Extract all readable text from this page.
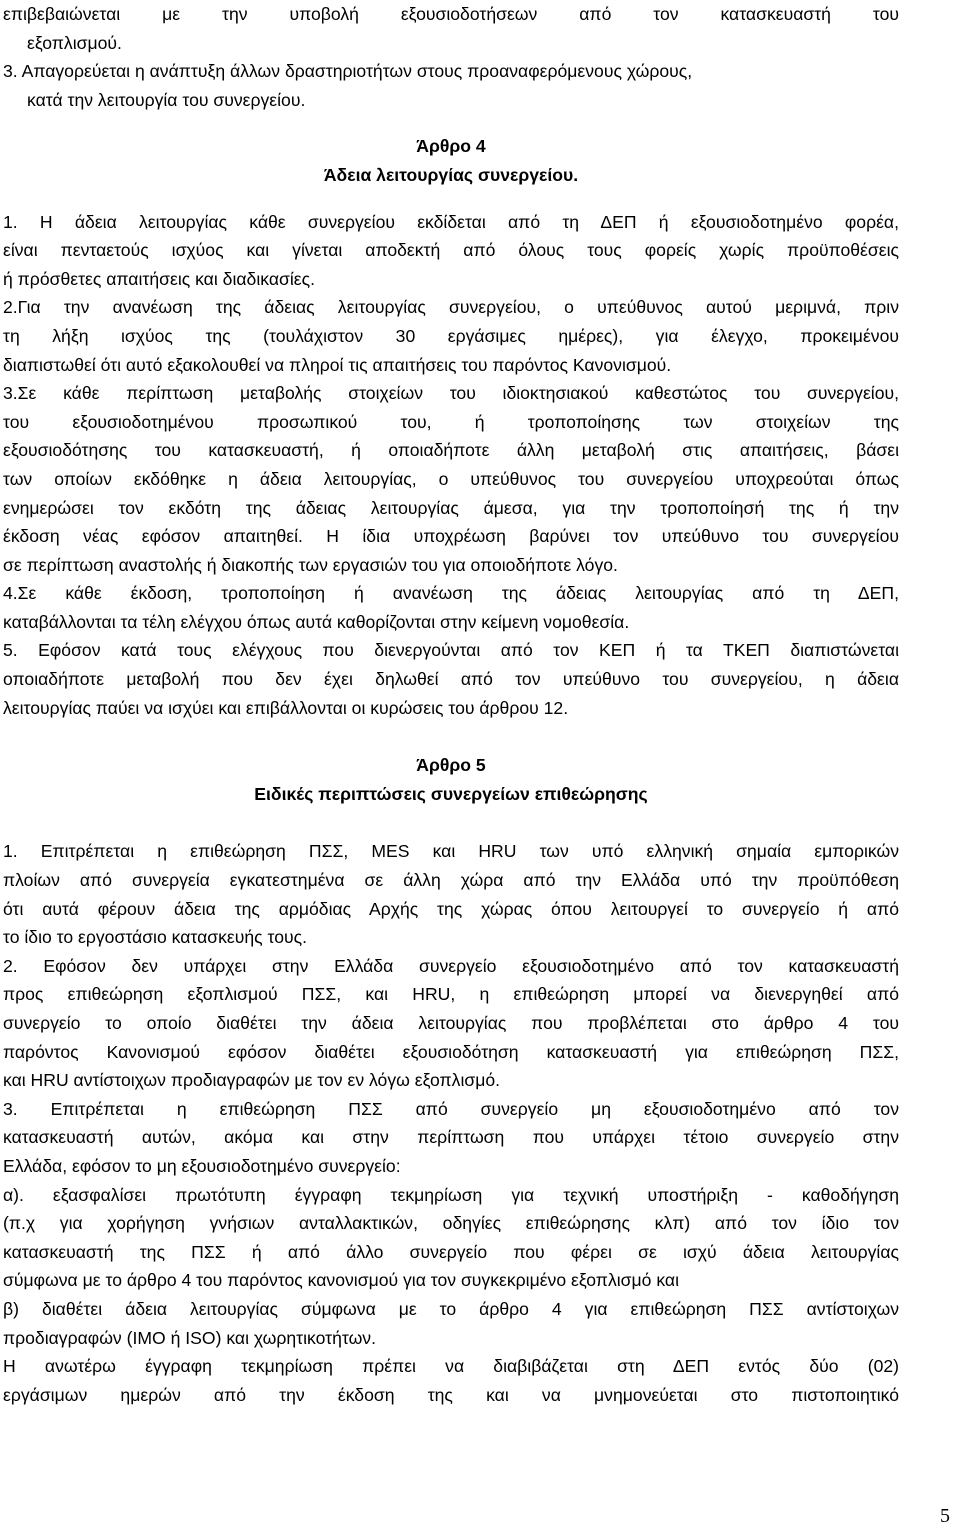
επιβεβαιώνεται με την υποβολή εξουσιοδοτήσεων από τον κατασκευαστή του
εξοπλισμού.
3. Απαγορεύεται η ανάπτυξη άλλων δραστηριοτήτων στους προαναφερόμενους χώρους,
κατά την λειτουργία του συνεργείου.
Άρθρο 4
Άδεια λειτουργίας συνεργείου.
1. Η άδεια λειτουργίας κάθε συνεργείου εκδίδεται από τη ΔΕΠ ή εξουσιοδοτημένο φορέα,
είναι πενταετούς ισχύος και γίνεται αποδεκτή από όλους τους φορείς χωρίς προϋποθέσεις
ή πρόσθετες απαιτήσεις και διαδικασίες.
2.Για την ανανέωση της άδειας λειτουργίας συνεργείου, ο υπεύθυνος αυτού μεριμνά, πριν
τη λήξη ισχύος της (τουλάχιστον 30 εργάσιμες ημέρες), για έλεγχο, προκειμένου
διαπιστωθεί ότι αυτό εξακολουθεί να πληροί τις απαιτήσεις του παρόντος Κανονισμού.
3.Σε κάθε περίπτωση μεταβολής στοιχείων του ιδιοκτησιακού καθεστώτος του συνεργείου,
του εξουσιοδοτημένου προσωπικού του, ή τροποποίησης των στοιχείων της
εξουσιοδότησης του κατασκευαστή, ή οποιαδήποτε άλλη μεταβολή στις απαιτήσεις, βάσει
των οποίων εκδόθηκε η άδεια λειτουργίας, ο υπεύθυνος του συνεργείου υποχρεούται όπως
ενημερώσει τον εκδότη της άδειας λειτουργίας άμεσα, για την τροποποίησή της ή την
έκδοση νέας εφόσον απαιτηθεί. Η ίδια υποχρέωση βαρύνει τον υπεύθυνο του συνεργείου
σε περίπτωση αναστολής ή διακοπής των εργασιών του για οποιοδήποτε λόγο.
4.Σε κάθε έκδοση, τροποποίηση ή ανανέωση της άδειας λειτουργίας από τη ΔΕΠ,
καταβάλλονται τα τέλη ελέγχου όπως αυτά καθορίζονται στην κείμενη νομοθεσία.
5. Εφόσον κατά τους ελέγχους που διενεργούνται από τον ΚΕΠ ή τα ΤΚΕΠ διαπιστώνεται
οποιαδήποτε μεταβολή που δεν έχει δηλωθεί από τον υπεύθυνο του συνεργείου, η άδεια
λειτουργίας παύει να ισχύει και επιβάλλονται οι κυρώσεις του άρθρου 12.
Άρθρο 5
Ειδικές περιπτώσεις συνεργείων επιθεώρησης
1. Επιτρέπεται η επιθεώρηση ΠΣΣ, MES και HRU των υπό ελληνική σημαία εμπορικών
πλοίων από συνεργεία εγκατεστημένα σε άλλη χώρα από την Ελλάδα υπό την προϋπόθεση
ότι αυτά φέρουν άδεια της αρμόδιας Αρχής της χώρας όπου λειτουργεί το συνεργείο ή από
το ίδιο το εργοστάσιο κατασκευής τους.
2. Εφόσον δεν υπάρχει στην Ελλάδα συνεργείο εξουσιοδοτημένο από τον κατασκευαστή
προς επιθεώρηση εξοπλισμού ΠΣΣ, και HRU, η επιθεώρηση μπορεί να διενεργηθεί από
συνεργείο το οποίο διαθέτει την άδεια λειτουργίας που προβλέπεται στο άρθρο 4 του
παρόντος Κανονισμού εφόσον διαθέτει εξουσιοδότηση κατασκευαστή για επιθεώρηση ΠΣΣ,
και HRU αντίστοιχων προδιαγραφών με τον εν λόγω εξοπλισμό.
3. Επιτρέπεται η επιθεώρηση ΠΣΣ από συνεργείο μη εξουσιοδοτημένο από τον
κατασκευαστή αυτών, ακόμα και στην περίπτωση που υπάρχει τέτοιο συνεργείο στην
Ελλάδα, εφόσον το μη εξουσιοδοτημένο συνεργείο:
α). εξασφαλίσει πρωτότυπη έγγραφη τεκμηρίωση για τεχνική υποστήριξη - καθοδήγηση
(π.χ για χορήγηση γνήσιων ανταλλακτικών, οδηγίες επιθεώρησης κλπ) από τον ίδιο τον
κατασκευαστή της ΠΣΣ ή από άλλο συνεργείο που φέρει σε ισχύ άδεια λειτουργίας
σύμφωνα με το άρθρο 4 του παρόντος κανονισμού για τον συγκεκριμένο εξοπλισμό και
β) διαθέτει άδεια λειτουργίας σύμφωνα με το άρθρο 4 για επιθεώρηση ΠΣΣ αντίστοιχων
προδιαγραφών (ΙΜΟ ή ISO) και χωρητικοτήτων.
Η ανωτέρω έγγραφη τεκμηρίωση πρέπει να διαβιβάζεται στη ΔΕΠ εντός δύο (02)
εργάσιμων ημερών από την έκδοση της και να μνημονεύεται στο πιστοποιητικό
5
